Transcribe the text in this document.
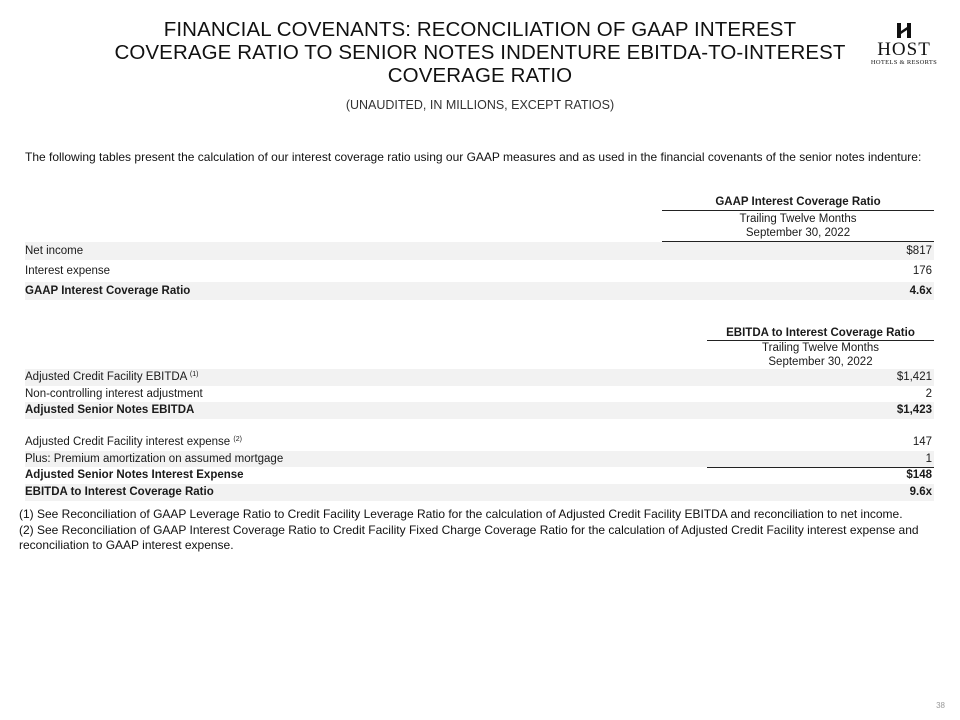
FINANCIAL COVENANTS: RECONCILIATION OF GAAP INTEREST COVERAGE RATIO TO SENIOR NOTES INDENTURE EBITDA-TO-INTEREST COVERAGE RATIO
(UNAUDITED, IN MILLIONS, EXCEPT RATIOS)
HOST
HOTELS & RESORTS
The following tables present the calculation of our interest coverage ratio using our GAAP measures and as used in the financial covenants of the senior notes indenture:
GAAP Interest Coverage Ratio
Trailing Twelve Months
September 30, 2022
Net income	$817
Interest expense	176
GAAP Interest Coverage Ratio	4.6x
EBITDA to Interest Coverage Ratio
Trailing Twelve Months
September 30, 2022
Adjusted Credit Facility EBITDA $^{(1)}$	$1,421
Non-controlling interest adjustment	2
Adjusted Senior Notes EBITDA	$1,423
Adjusted Credit Facility interest expense $^{(2)}$	147
Plus: Premium amortization on assumed mortgage	1
Adjusted Senior Notes Interest Expense	$148
EBITDA to Interest Coverage Ratio	9.6x
(1) See Reconciliation of GAAP Leverage Ratio to Credit Facility Leverage Ratio for the calculation of Adjusted Credit Facility EBITDA and reconciliation to net income.
(2) See Reconciliation of GAAP Interest Coverage Ratio to Credit Facility Fixed Charge Coverage Ratio for the calculation of Adjusted Credit Facility interest expense and reconciliation to GAAP interest expense.
38
